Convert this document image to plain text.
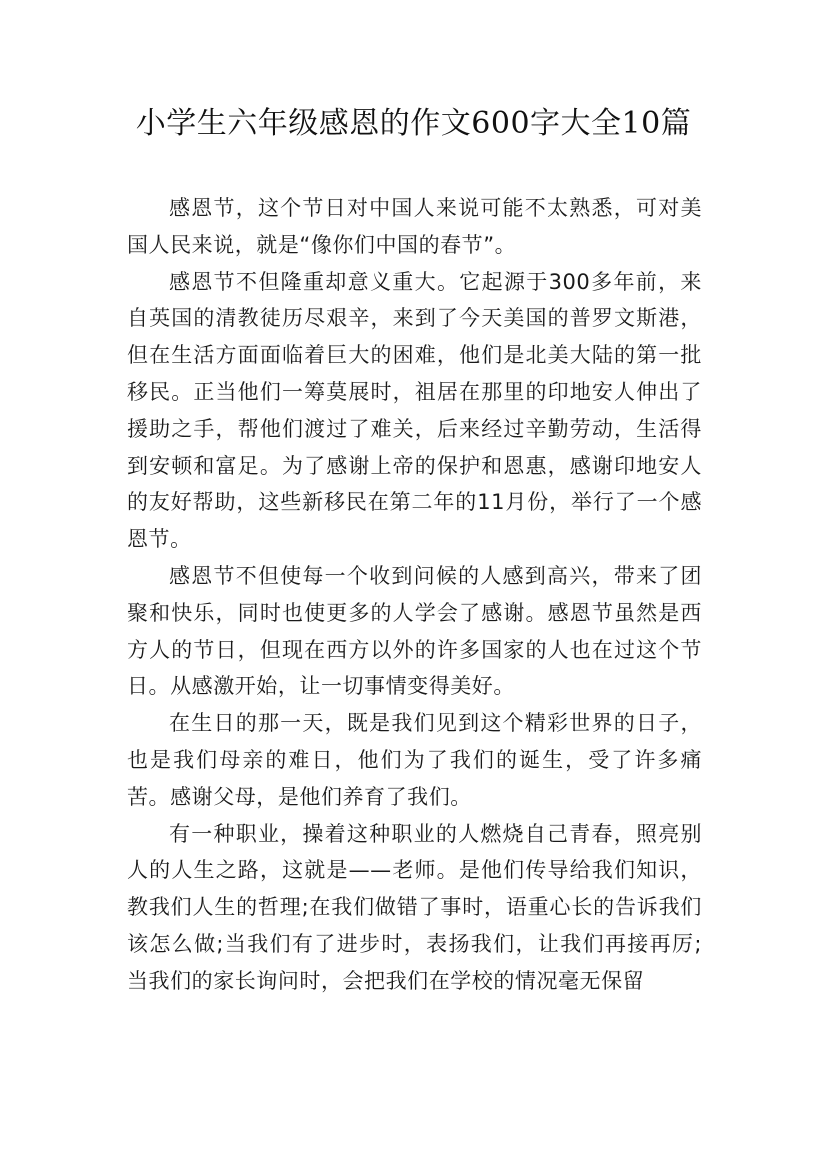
小学生六年级感恩的作文600字大全10篇

感恩节，这个节日对中国人来说可能不太熟悉，可对美国人民来说，就是“像你们中国的春节”。

感恩节不但隆重却意义重大。它起源于300多年前，来自英国的清教徒历尽艰辛，来到了今天美国的普罗文斯港，但在生活方面面临着巨大的困难，他们是北美大陆的第一批移民。正当他们一筹莫展时，祖居在那里的印地安人伸出了援助之手，帮他们渡过了难关，后来经过辛勤劳动，生活得到安顿和富足。为了感谢上帝的保护和恩惠，感谢印地安人的友好帮助，这些新移民在第二年的11月份，举行了一个感恩节。

感恩节不但使每一个收到问候的人感到高兴，带来了团聚和快乐，同时也使更多的人学会了感谢。感恩节虽然是西方人的节日，但现在西方以外的许多国家的人也在过这个节日。从感激开始，让一切事情变得美好。

在生日的那一天，既是我们见到这个精彩世界的日子，也是我们母亲的难日，他们为了我们的诞生，受了许多痛苦。感谢父母，是他们养育了我们。

有一种职业，操着这种职业的人燃烧自己青春，照亮别人的人生之路，这就是——老师。是他们传导给我们知识，教我们人生的哲理;在我们做错了事时，语重心长的告诉我们该怎么做;当我们有了进步时，表扬我们，让我们再接再厉;当我们的家长询问时，会把我们在学校的情况毫无保留
